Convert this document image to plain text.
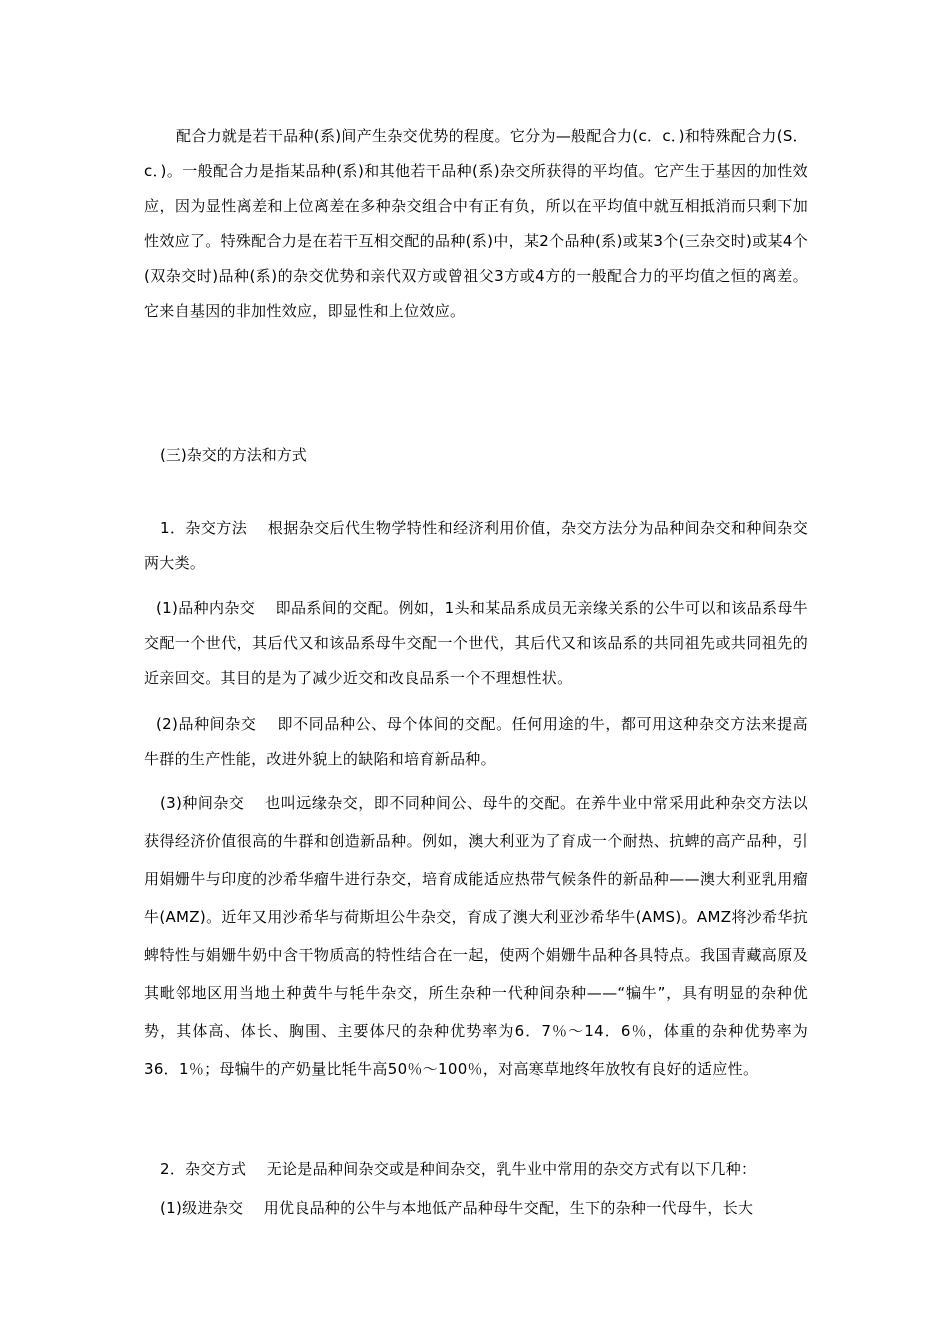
配合力就是若干品种(系)间产生杂交优势的程度。它分为—般配合力(c．c．)和特殊配合力(S．c．)。一般配合力是指某品种(系)和其他若干品种(系)杂交所获得的平均值。它产生于基因的加性效应，因为显性离差和上位离差在多种杂交组合中有正有负，所以在平均值中就互相抵消而只剩下加性效应了。特殊配合力是在若干互相交配的品种(系)中，某2个品种(系)或某3个(三杂交时)或某4个(双杂交时)品种(系)的杂交优势和亲代双方或曾祖父3方或4方的一般配合力的平均值之恒的离差。它来自基因的非加性效应，即显性和上位效应。

(三)杂交的方法和方式

1．杂交方法　 根据杂交后代生物学特性和经济利用价值，杂交方法分为品种间杂交和种间杂交两大类。

(1)品种内杂交　 即品系间的交配。例如，1头和某品系成员无亲缘关系的公牛可以和该品系母牛交配一个世代，其后代又和该品系母牛交配一个世代，其后代又和该品系的共同祖先或共同祖先的近亲回交。其目的是为了减少近交和改良品系一个不理想性状。

(2)品种间杂交　 即不同品种公、母个体间的交配。任何用途的牛，都可用这种杂交方法来提高牛群的生产性能，改进外貌上的缺陷和培育新品种。

(3)种间杂交　 也叫远缘杂交，即不同种间公、母牛的交配。在养牛业中常采用此种杂交方法以获得经济价值很高的牛群和创造新品种。例如，澳大利亚为了育成一个耐热、抗蜱的高产品种，引用娟姗牛与印度的沙希华瘤牛进行杂交，培育成能适应热带气候条件的新品种——澳大利亚乳用瘤牛(AMZ)。近年又用沙希华与荷斯坦公牛杂交，育成了澳大利亚沙希华牛(AMS)。AMZ将沙希华抗蜱特性与娟姗牛奶中含干物质高的特性结合在一起，使两个娟姗牛品种各具特点。我国青藏高原及其毗邻地区用当地土种黄牛与牦牛杂交，所生杂种一代种间杂种——“犏牛”，具有明显的杂种优势，其体高、体长、胸围、主要体尺的杂种优势率为6．7％～14．6％，体重的杂种优势率为36．1％；母犏牛的产奶量比牦牛高50％～100％，对高寒草地终年放牧有良好的适应性。

2．杂交方式　 无论是品种间杂交或是种间杂交，乳牛业中常用的杂交方式有以下几种：

(1)级进杂交　 用优良品种的公牛与本地低产品种母牛交配，生下的杂种一代母牛，长大
